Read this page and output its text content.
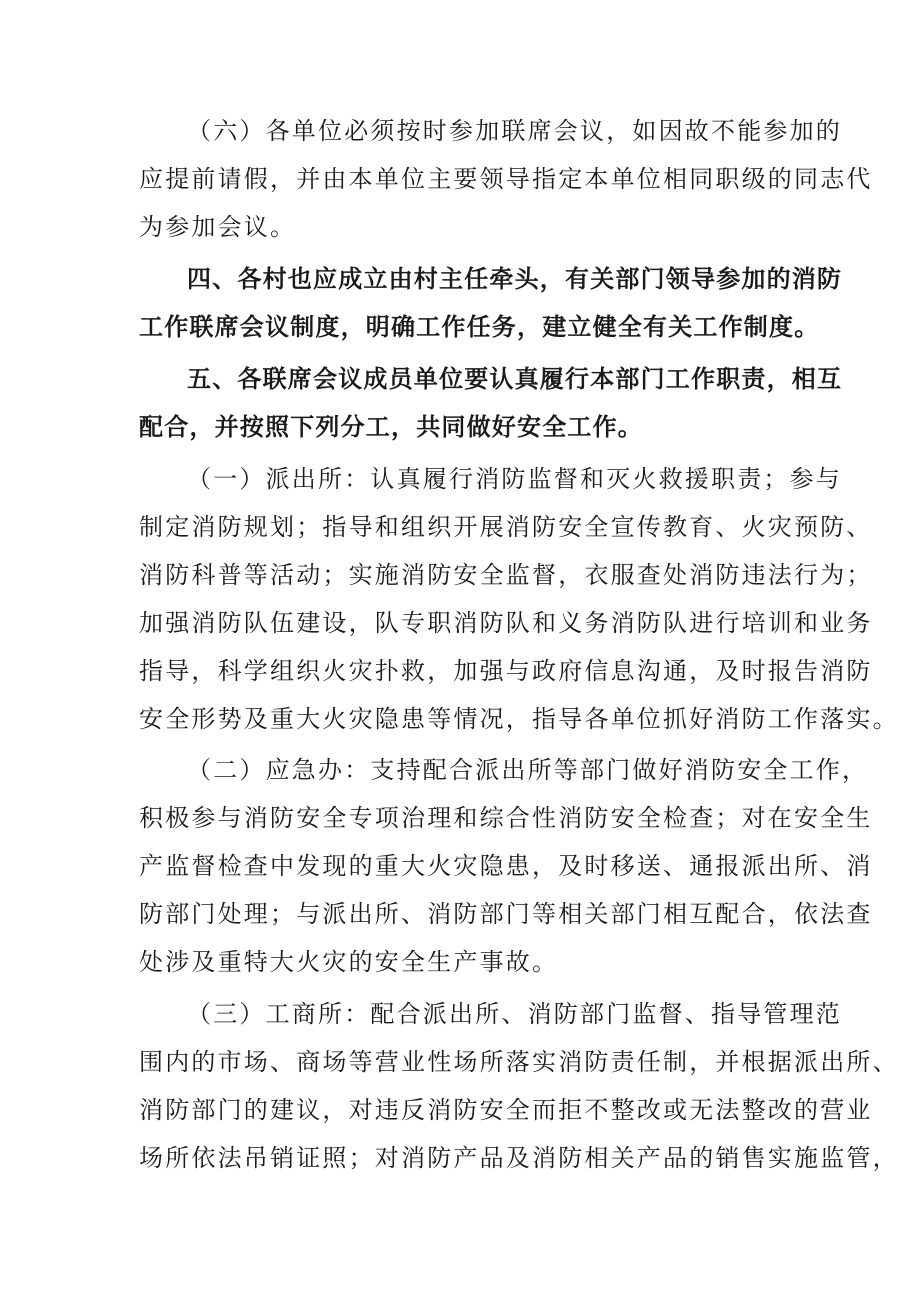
（六）各单位必须按时参加联席会议，如因故不能参加的
应提前请假，并由本单位主要领导指定本单位相同职级的同志代
为参加会议。
四、各村也应成立由村主任牵头，有关部门领导参加的消防
工作联席会议制度，明确工作任务，建立健全有关工作制度。
五、各联席会议成员单位要认真履行本部门工作职责，相互
配合，并按照下列分工，共同做好安全工作。
（一）派出所：认真履行消防监督和灭火救援职责；参与
制定消防规划；指导和组织开展消防安全宣传教育、火灾预防、
消防科普等活动；实施消防安全监督，衣服查处消防违法行为；
加强消防队伍建设，队专职消防队和义务消防队进行培训和业务
指导，科学组织火灾扑救，加强与政府信息沟通，及时报告消防
安全形势及重大火灾隐患等情况，指导各单位抓好消防工作落实。
（二）应急办：支持配合派出所等部门做好消防安全工作，
积极参与消防安全专项治理和综合性消防安全检查；对在安全生
产监督检查中发现的重大火灾隐患，及时移送、通报派出所、消
防部门处理；与派出所、消防部门等相关部门相互配合，依法查
处涉及重特大火灾的安全生产事故。
（三）工商所：配合派出所、消防部门监督、指导管理范
围内的市场、商场等营业性场所落实消防责任制，并根据派出所、
消防部门的建议，对违反消防安全而拒不整改或无法整改的营业
场所依法吊销证照；对消防产品及消防相关产品的销售实施监管，
